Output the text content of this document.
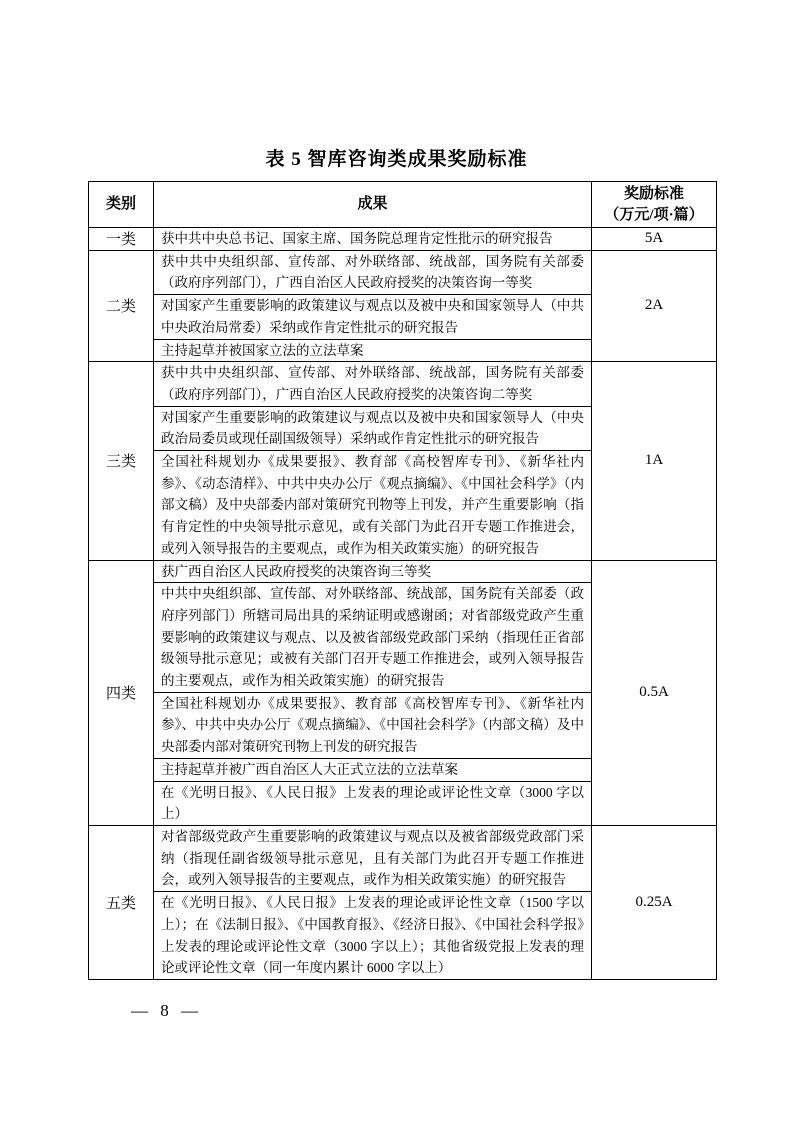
表 5 智库咨询类成果奖励标准
类别	成果	奖励标准
（万元/项·篇）

一类	获中共中央总书记、国家主席、国务院总理肯定性批示的研究报告	5A
二类	获中共中央组织部、宣传部、对外联络部、统战部，国务院有关部委（政府序列部门），广西自治区人民政府授奖的决策咨询一等奖	2A
	对国家产生重要影响的政策建议与观点以及被中央和国家领导人（中共中央政治局常委）采纳或作肯定性批示的研究报告	
	主持起草并被国家立法的立法草案	
三类	获中共中央组织部、宣传部、对外联络部、统战部，国务院有关部委（政府序列部门），广西自治区人民政府授奖的决策咨询二等奖	1A
	对国家产生重要影响的政策建议与观点以及被中央和国家领导人（中央政治局委员或现任副国级领导）采纳或作肯定性批示的研究报告	
	全国社科规划办《成果要报》、教育部《高校智库专刊》、《新华社内参》、《动态清样》、中共中央办公厅《观点摘编》、《中国社会科学》（内部文稿）及中央部委内部对策研究刊物等上刊发，并产生重要影响（指有肯定性的中央领导批示意见，或有关部门为此召开专题工作推进会，或列入领导报告的主要观点，或作为相关政策实施）的研究报告	
四类	获广西自治区人民政府授奖的决策咨询三等奖	0.5A
	中共中央组织部、宣传部、对外联络部、统战部，国务院有关部委（政府序列部门）所辖司局出具的采纳证明或感谢函；对省部级党政产生重要影响的政策建议与观点、以及被省部级党政部门采纳（指现任正省部级领导批示意见；或被有关部门召开专题工作推进会，或列入领导报告的主要观点，或作为相关政策实施）的研究报告	
	全国社科规划办《成果要报》、教育部《高校智库专刊》、《新华社内参》、中共中央办公厅《观点摘编》、《中国社会科学》（内部文稿）及中央部委内部对策研究刊物上刊发的研究报告	
	主持起草并被广西自治区人大正式立法的立法草案	
	在《光明日报》、《人民日报》上发表的理论或评论性文章（3000 字以上）	
五类	对省部级党政产生重要影响的政策建议与观点以及被省部级党政部门采纳（指现任副省级领导批示意见，且有关部门为此召开专题工作推进会，或列入领导报告的主要观点，或作为相关政策实施）的研究报告	0.25A
	在《光明日报》、《人民日报》上发表的理论或评论性文章（1500 字以上）；在《法制日报》、《中国教育报》、《经济日报》、《中国社会科学报》上发表的理论或评论性文章（3000 字以上）；其他省级党报上发表的理论或评论性文章（同一年度内累计 6000 字以上）	
— 8 —
